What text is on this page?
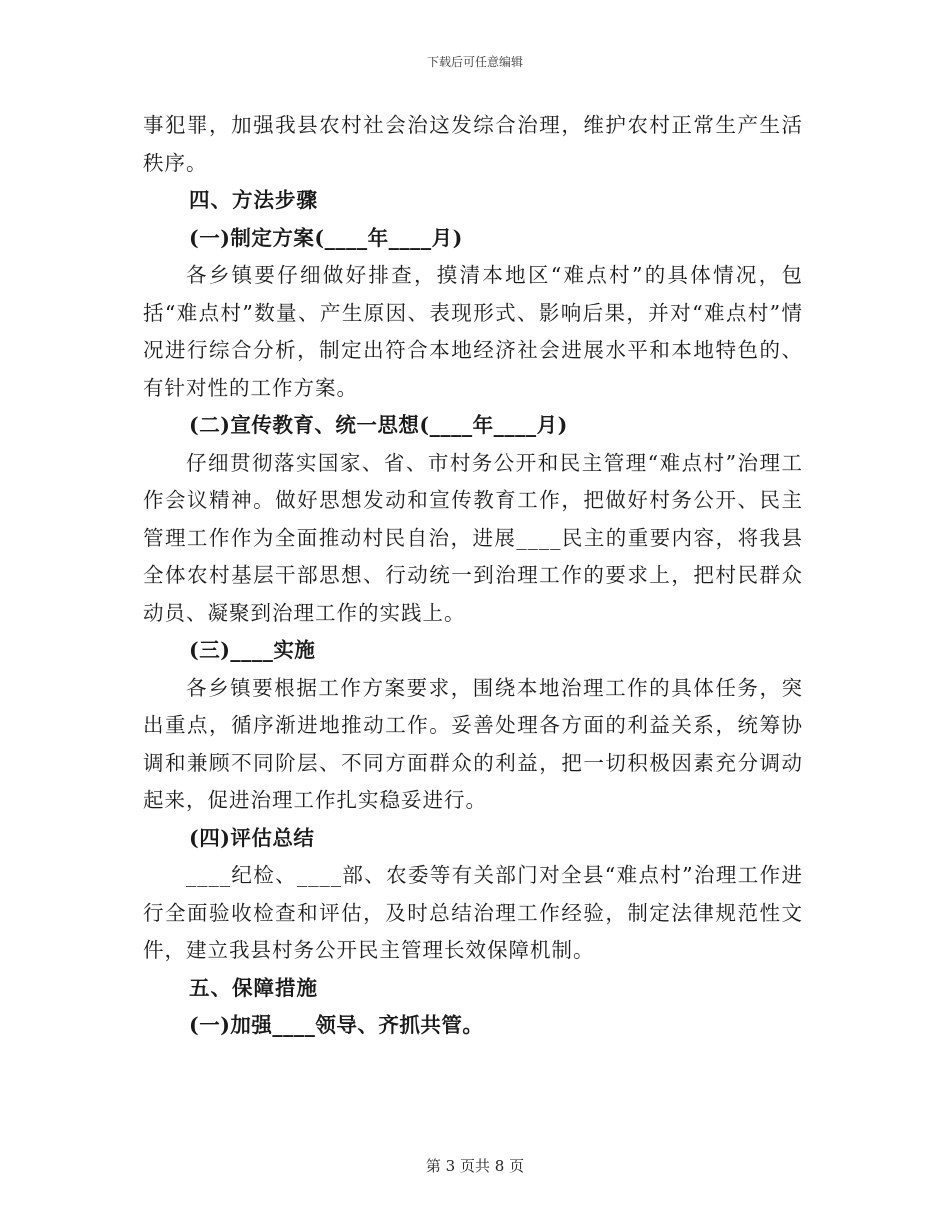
下载后可任意编辑

事犯罪，加强我县农村社会治这发综合治理，维护农村正常生产生活秩序。

四、方法步骤

(一)制定方案(____年____月)

各乡镇要仔细做好排查，摸清本地区“难点村”的具体情况，包括“难点村”数量、产生原因、表现形式、影响后果，并对“难点村”情况进行综合分析，制定出符合本地经济社会进展水平和本地特色的、有针对性的工作方案。

(二)宣传教育、统一思想(____年____月)

仔细贯彻落实国家、省、市村务公开和民主管理“难点村”治理工作会议精神。做好思想发动和宣传教育工作，把做好村务公开、民主管理工作作为全面推动村民自治，进展____民主的重要内容，将我县全体农村基层干部思想、行动统一到治理工作的要求上，把村民群众动员、凝聚到治理工作的实践上。

(三)____实施

各乡镇要根据工作方案要求，围绕本地治理工作的具体任务，突出重点，循序渐进地推动工作。妥善处理各方面的利益关系，统筹协调和兼顾不同阶层、不同方面群众的利益，把一切积极因素充分调动起来，促进治理工作扎实稳妥进行。

(四)评估总结

____纪检、____部、农委等有关部门对全县“难点村”治理工作进行全面验收检查和评估，及时总结治理工作经验，制定法律规范性文件，建立我县村务公开民主管理长效保障机制。

五、保障措施

(一)加强____领导、齐抓共管。

第 3 页共 8 页
